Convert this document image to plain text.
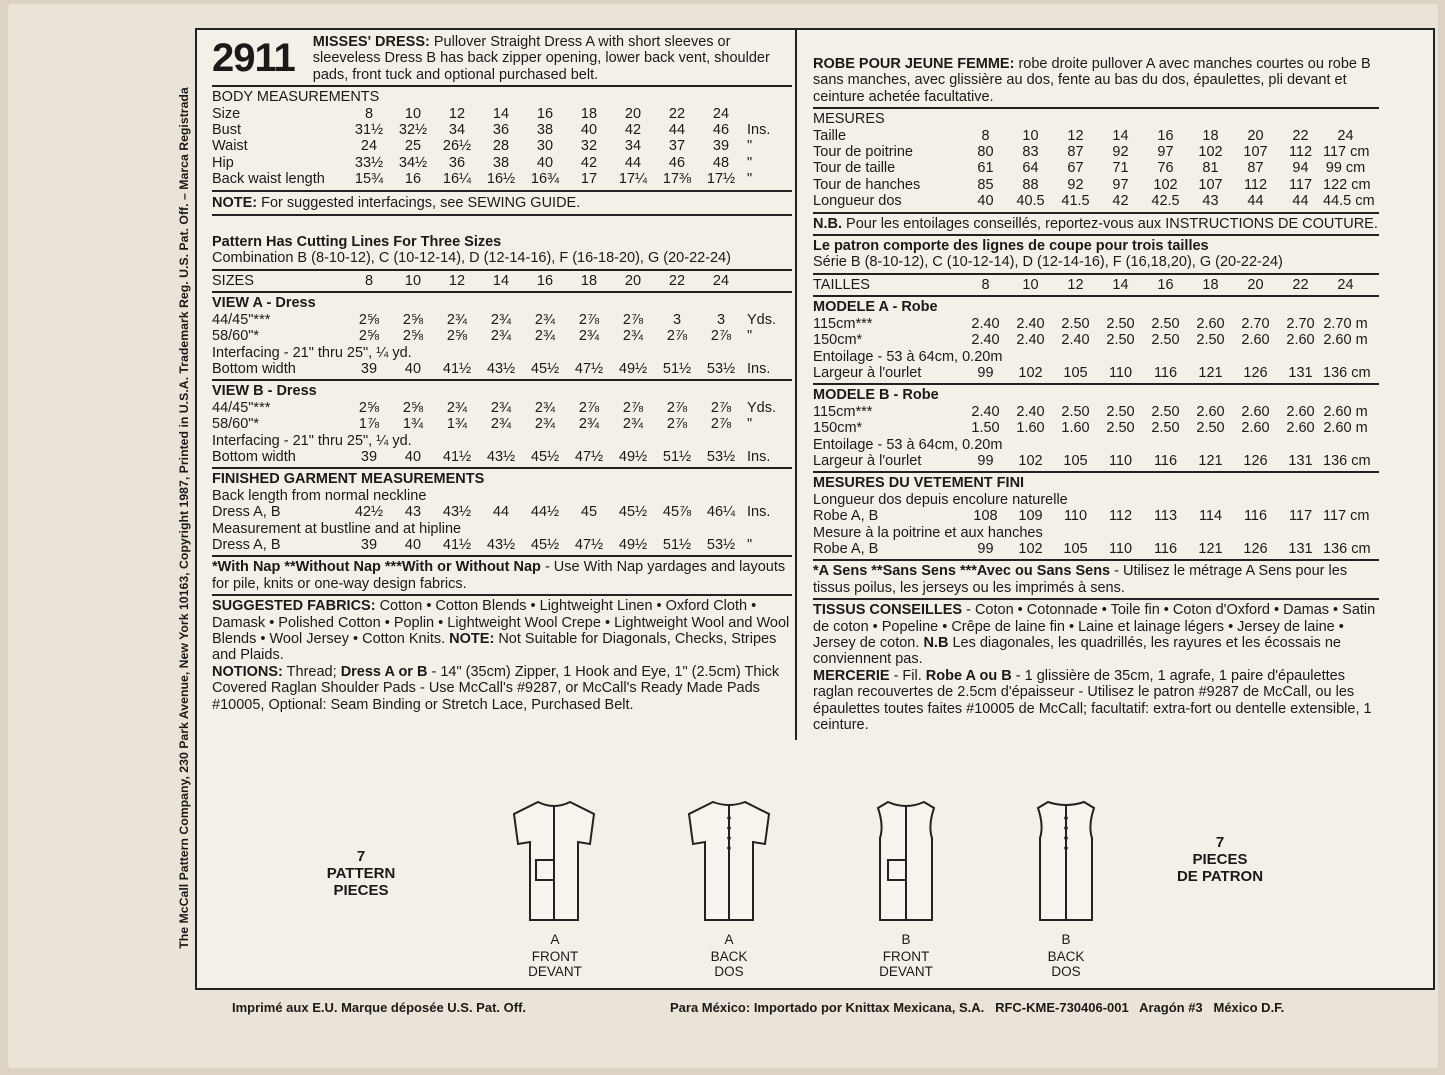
The McCall Pattern Company, 230 Park Avenue, New York 10163, Copyright 1987, Printed in U.S.A. Trademark Reg. U.S. Pat. Off. – Marca Registrada
2911 MISSES' DRESS: Pullover Straight Dress A with short sleeves or sleeveless Dress B has back zipper opening, lower back vent, shoulder pads, front tuck and optional purchased belt.
BODY MEASUREMENTS
Size	8	10	12	14	16	18	20	22	24
Bust	31½	32½	34	36	38	40	42	44	46	Ins.
Waist	24	25	26½	28	30	32	34	37	39	"
Hip	33½	34½	36	38	40	42	44	46	48	"
Back waist length	15¾	16	16¼	16½	16¾	17	17¼	17⅜	17½ "
NOTE: For suggested interfacings, see SEWING GUIDE.
Pattern Has Cutting Lines For Three Sizes
Combination B (8-10-12), C (10-12-14), D (12-14-16), F (16-18-20), G (20-22-24)
SIZES	8	10	12	14	16	18	20	22	24
VIEW A - Dress
44/45"***	2⅝	2⅝	2¾	2¾	2¾	2⅞	2⅞	3	3	Yds.
58/60"*	2⅝	2⅝	2⅝	2¾	2¾	2¾	2¾	2⅞	2⅞	"
Interfacing - 21" thru 25", ¼ yd.
Bottom width	39	40	41½	43½	45½	47½	49½	51½	53½ Ins.
VIEW B - Dress
44/45"***	2⅝	2⅝	2¾	2¾	2¾	2⅞	2⅞	2⅞	2⅞	Yds.
58/60"*	1⅞	1¾	1¾	2¾	2¾	2¾	2¾	2⅞	2⅞	"
Interfacing - 21" thru 25", ¼ yd.
Bottom width	39	40	41½	43½	45½	47½	49½	51½	53½ Ins.
FINISHED GARMENT MEASUREMENTS
Back length from normal neckline
Dress A, B	42½	43	43½	44	44½	45	45½	45⅞	46¼ Ins.
Measurement at bustline and at hipline
Dress A, B	39	40	41½	43½	45½	47½	49½	51½	53½ "
*With Nap **Without Nap ***With or Without Nap - Use With Nap yardages and layouts for pile, knits or one-way design fabrics.
SUGGESTED FABRICS: Cotton • Cotton Blends • Lightweight Linen • Oxford Cloth • Damask • Polished Cotton • Poplin • Lightweight Wool Crepe • Lightweight Wool and Wool Blends • Wool Jersey • Cotton Knits. NOTE: Not Suitable for Diagonals, Checks, Stripes and Plaids.
NOTIONS: Thread; Dress A or B - 14" (35cm) Zipper, 1 Hook and Eye, 1" (2.5cm) Thick Covered Raglan Shoulder Pads - Use McCall's #9287, or McCall's Ready Made Pads #10005, Optional: Seam Binding or Stretch Lace, Purchased Belt.
ROBE POUR JEUNE FEMME: robe droite pullover A avec manches courtes ou robe B sans manches, avec glissière au dos, fente au bas du dos, épaulettes, pli devant et ceinture achetée facultative.
MESURES
Taille	8	10	12	14	16	18	20	22	24
Tour de poitrine	80	83	87	92	97	102	107	112 117 cm
Tour de taille	61	64	67	71	76	81	87	94	99 cm
Tour de hanches	85	88	92	97	102	107	112	117 122 cm
Longueur dos	40	40.5	41.5	42	42.5	43	44	44 44.5 cm
N.B. Pour les entoilages conseillés, reportez-vous aux INSTRUCTIONS DE COUTURE.
Le patron comporte des lignes de coupe pour trois tailles
Série B (8-10-12), C (10-12-14), D (12-14-16), F (16,18,20), G (20-22-24)
TAILLES	8	10	12	14	16	18	20	22	24
MODELE A - Robe
115cm***	2.40	2.40	2.50	2.50	2.50	2.60	2.70	2.70 2.70 m
150cm*	2.40	2.40	2.40	2.50	2.50	2.50	2.60	2.60 2.60 m
Entoilage - 53 à 64cm, 0.20m
Largeur à l'ourlet	99	102	105	110	116	121	126	131 136 cm
MODELE B - Robe
115cm***	2.40	2.40	2.50	2.50	2.50	2.60	2.60	2.60 2.60 m
150cm*	1.50	1.60	1.60	2.50	2.50	2.50	2.60	2.60 2.60 m
Entoilage - 53 à 64cm, 0.20m
Largeur à l'ourlet	99	102	105	110	116	121	126	131 136 cm
MESURES DU VETEMENT FINI
Longueur dos depuis encolure naturelle
Robe A, B	108	109	110	112	113	114	116	117 117 cm
Mesure à la poitrine et aux hanches
Robe A, B	99	102	105	110	116	121	126	131 136 cm
*A Sens **Sans Sens ***Avec ou Sans Sens - Utilisez le métrage A Sens pour les tissus poilus, les jerseys ou les imprimés à sens.
TISSUS CONSEILLES - Coton • Cotonnade • Toile fin • Coton d'Oxford • Damas • Satin de coton • Popeline • Crêpe de laine fin • Laine et lainage légers • Jersey de laine • Jersey de coton. N.B Les diagonales, les quadrillés, les rayures et les écossais ne conviennent pas.
MERCERIE - Fil. Robe A ou B - 1 glissière de 35cm, 1 agrafe, 1 paire d'épaulettes raglan recouvertes de 2.5cm d'épaisseur - Utilisez le patron #9287 de McCall, ou les épaulettes toutes faites #10005 de McCall; facultatif: extra-fort ou dentelle extensible, 1 ceinture.
7
PATTERN
PIECES
7
PIECES
DE PATRON
A
FRONT
DEVANT
A
BACK
DOS
B
FRONT
DEVANT
B
BACK
DOS
Imprimé aux E.U. Marque déposée U.S. Pat. Off.	Para México: Importado por Knittax Mexicana, S.A.   RFC-KME-730406-001   Aragón #3   México D.F.
